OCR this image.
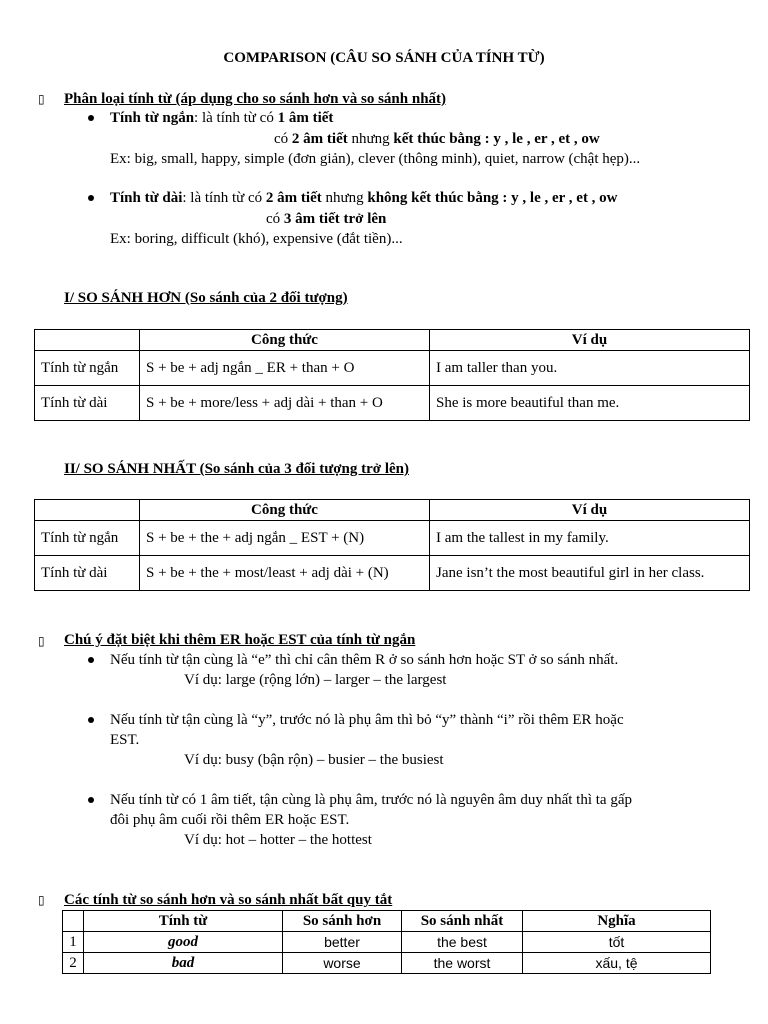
COMPARISON (CÂU SO SÁNH CỦA TÍNH TỪ)
▯ Phân loại tính từ (áp dụng cho so sánh hơn và so sánh nhất)
Tính từ ngắn: là tính từ có 1 âm tiết
có 2 âm tiết nhưng kết thúc bằng : y , le , er , et , ow
Ex: big, small, happy, simple (đơn giản), clever (thông minh), quiet, narrow (chật hẹp)...
Tính từ dài: là tính từ có 2 âm tiết nhưng không kết thúc bằng : y , le , er , et , ow
có 3 âm tiết trở lên
Ex: boring, difficult (khó), expensive (đắt tiền)...
I/ SO SÁNH HƠN (So sánh của 2 đối tượng)
	Công thức	Ví dụ
Tính từ ngắn	S + be + adj ngắn _ ER + than + O	I am taller than you.
Tính từ dài	S + be + more/less + adj dài + than + O	She is more beautiful than me.
II/ SO SÁNH NHẤT (So sánh của 3 đối tượng trở lên)
	Công thức	Ví dụ
Tính từ ngắn	S + be + the + adj ngắn _ EST + (N)	I am the tallest in my family.
Tính từ dài	S + be + the + most/least + adj dài + (N)	Jane isn’t the most beautiful girl in her class.
▯ Chú ý đặt biệt khi thêm ER hoặc EST của tính từ ngắn
Nếu tính từ tận cùng là “e” thì chỉ cân thêm R ở so sánh hơn hoặc ST ở so sánh nhất.
Ví dụ: large (rộng lớn) – larger – the largest
Nếu tính từ tận cùng là “y”, trước nó là phụ âm thì bỏ “y” thành “i” rồi thêm ER hoặc
EST.
Ví dụ: busy (bận rộn) – busier – the busiest
Nếu tính từ có 1 âm tiết, tận cùng là phụ âm, trước nó là nguyên âm duy nhất thì ta gấp
đôi phụ âm cuối rồi thêm ER hoặc EST.
Ví dụ: hot – hotter – the hottest
▯ Các tính từ so sánh hơn và so sánh nhất bất quy tắt
	Tính từ	So sánh hơn	So sánh nhất	Nghĩa
1	good	better	the best	tốt
2	bad	worse	the worst	xấu, tệ
